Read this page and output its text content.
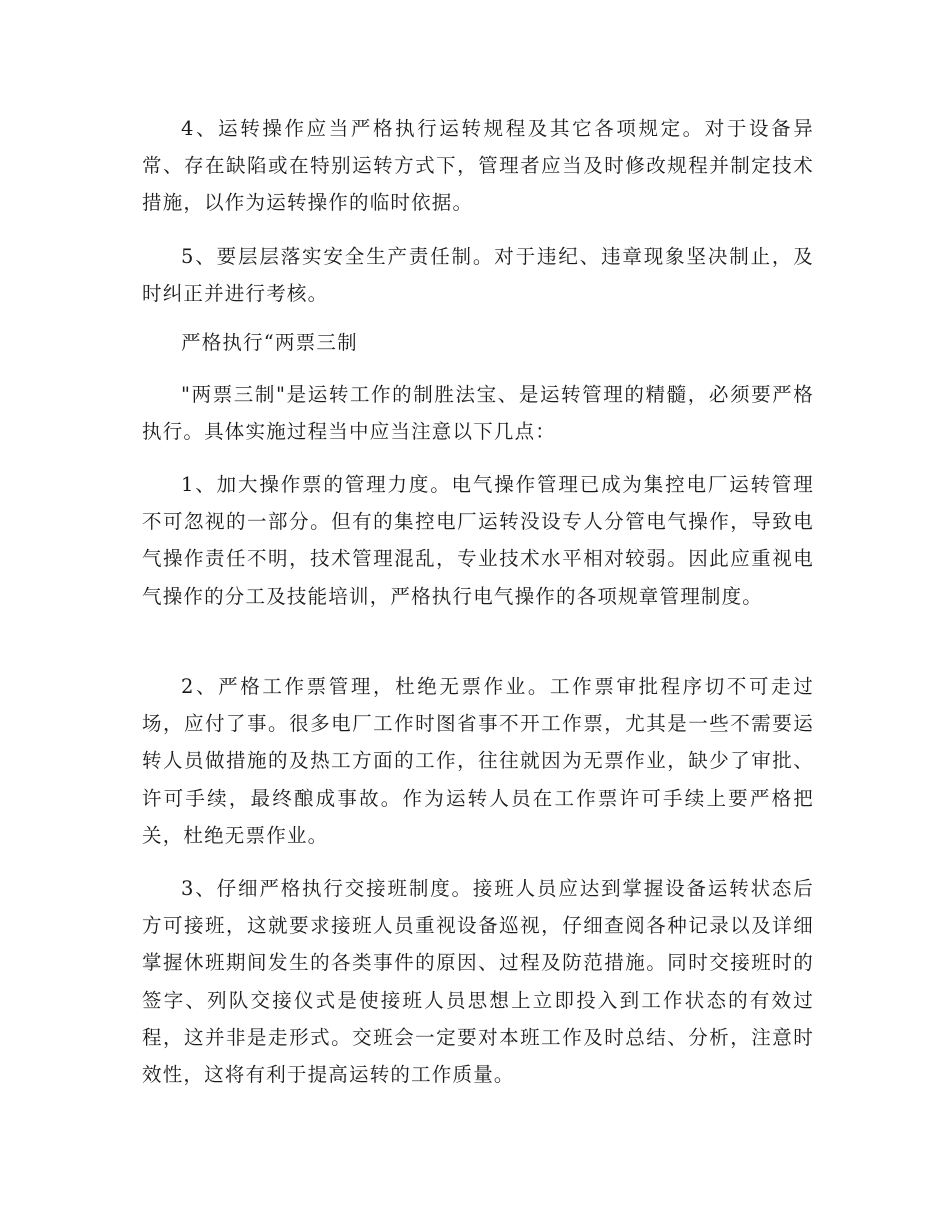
4、运转操作应当严格执行运转规程及其它各项规定。对于设备异常、存在缺陷或在特别运转方式下，管理者应当及时修改规程并制定技术措施，以作为运转操作的临时依据。

5、要层层落实安全生产责任制。对于违纪、违章现象坚决制止，及时纠正并进行考核。

严格执行“两票三制

"两票三制"是运转工作的制胜法宝、是运转管理的精髓，必须要严格执行。具体实施过程当中应当注意以下几点：

1、加大操作票的管理力度。电气操作管理已成为集控电厂运转管理不可忽视的一部分。但有的集控电厂运转没设专人分管电气操作，导致电气操作责任不明，技术管理混乱，专业技术水平相对较弱。因此应重视电气操作的分工及技能培训，严格执行电气操作的各项规章管理制度。

2、严格工作票管理，杜绝无票作业。工作票审批程序切不可走过场，应付了事。很多电厂工作时图省事不开工作票，尤其是一些不需要运转人员做措施的及热工方面的工作，往往就因为无票作业，缺少了审批、许可手续，最终酿成事故。作为运转人员在工作票许可手续上要严格把关，杜绝无票作业。

3、仔细严格执行交接班制度。接班人员应达到掌握设备运转状态后方可接班，这就要求接班人员重视设备巡视，仔细查阅各种记录以及详细掌握休班期间发生的各类事件的原因、过程及防范措施。同时交接班时的签字、列队交接仪式是使接班人员思想上立即投入到工作状态的有效过程，这并非是走形式。交班会一定要对本班工作及时总结、分析，注意时效性，这将有利于提高运转的工作质量。
